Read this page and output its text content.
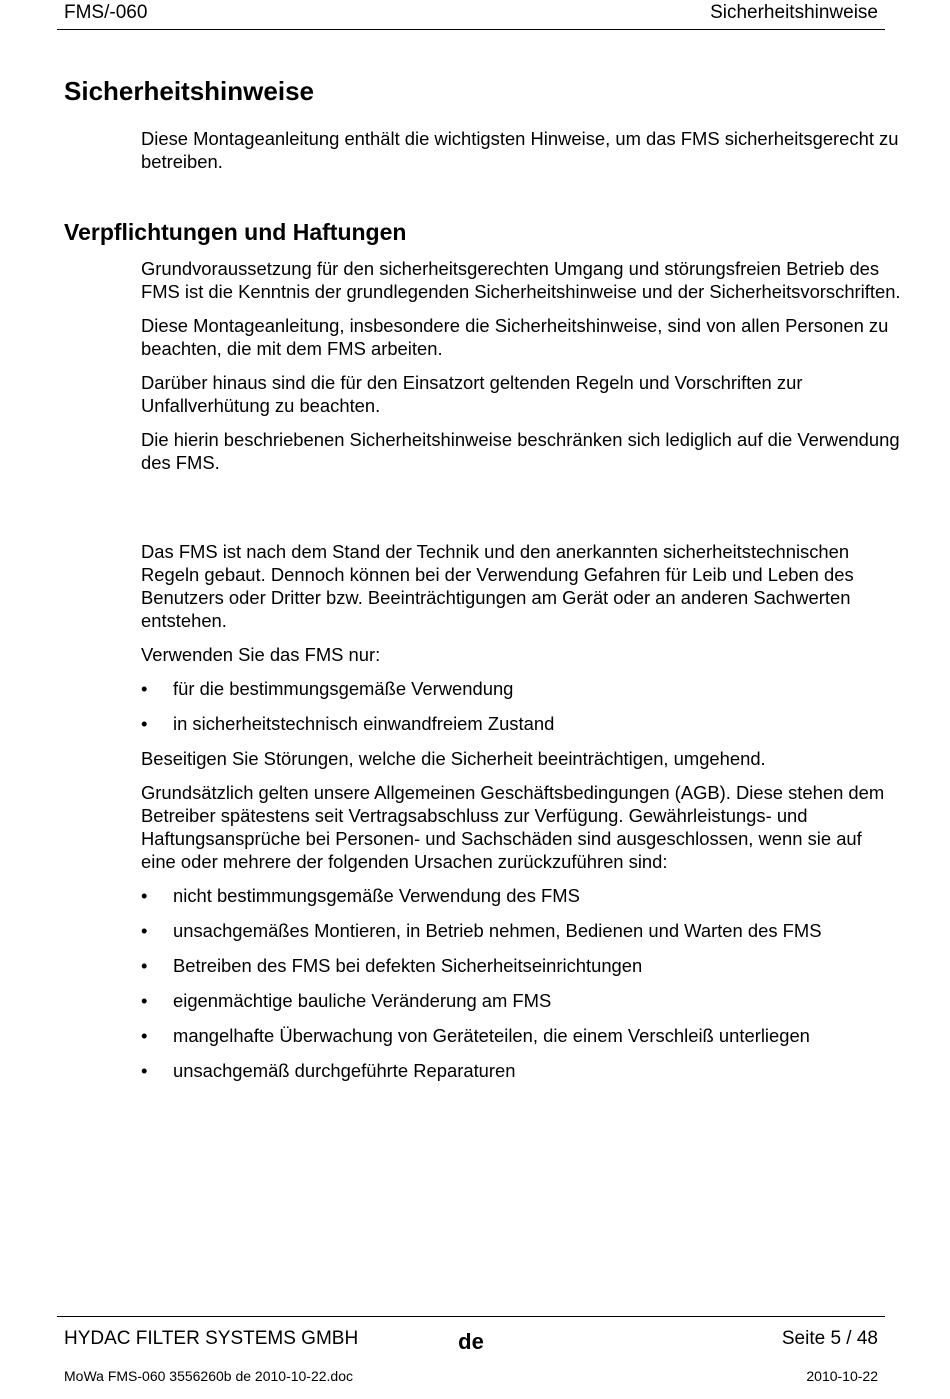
FMS/-060	Sicherheitshinweise
Sicherheitshinweise

Diese Montageanleitung enthält die wichtigsten Hinweise, um das FMS sicherheitsgerecht zu betreiben.

Verpflichtungen und Haftungen

Grundvoraussetzung für den sicherheitsgerechten Umgang und störungsfreien Betrieb des FMS ist die Kenntnis der grundlegenden Sicherheitshinweise und der Sicherheitsvorschriften.

Diese Montageanleitung, insbesondere die Sicherheitshinweise, sind von allen Personen zu beachten, die mit dem FMS arbeiten.

Darüber hinaus sind die für den Einsatzort geltenden Regeln und Vorschriften zur Unfallverhütung zu beachten.

Die hierin beschriebenen Sicherheitshinweise beschränken sich lediglich auf die Verwendung des FMS.

Das FMS ist nach dem Stand der Technik und den anerkannten sicherheitstechnischen Regeln gebaut. Dennoch können bei der Verwendung Gefahren für Leib und Leben des Benutzers oder Dritter bzw. Beeinträchtigungen am Gerät oder an anderen Sachwerten entstehen.

Verwenden Sie das FMS nur:

• für die bestimmungsgemäße Verwendung
• in sicherheitstechnisch einwandfreiem Zustand

Beseitigen Sie Störungen, welche die Sicherheit beeinträchtigen, umgehend.

Grundsätzlich gelten unsere Allgemeinen Geschäftsbedingungen (AGB). Diese stehen dem Betreiber spätestens seit Vertragsabschluss zur Verfügung. Gewährleistungs- und Haftungsansprüche bei Personen- und Sachschäden sind ausgeschlossen, wenn sie auf eine oder mehrere der folgenden Ursachen zurückzuführen sind:

• nicht bestimmungsgemäße Verwendung des FMS
• unsachgemäßes Montieren, in Betrieb nehmen, Bedienen und Warten des FMS
• Betreiben des FMS bei defekten Sicherheitseinrichtungen
• eigenmächtige bauliche Veränderung am FMS
• mangelhafte Überwachung von Geräteteilen, die einem Verschleiß unterliegen
• unsachgemäß durchgeführte Reparaturen
HYDAC FILTER SYSTEMS GMBH	de	Seite 5 / 48
MoWa FMS-060 3556260b de 2010-10-22.doc	2010-10-22
